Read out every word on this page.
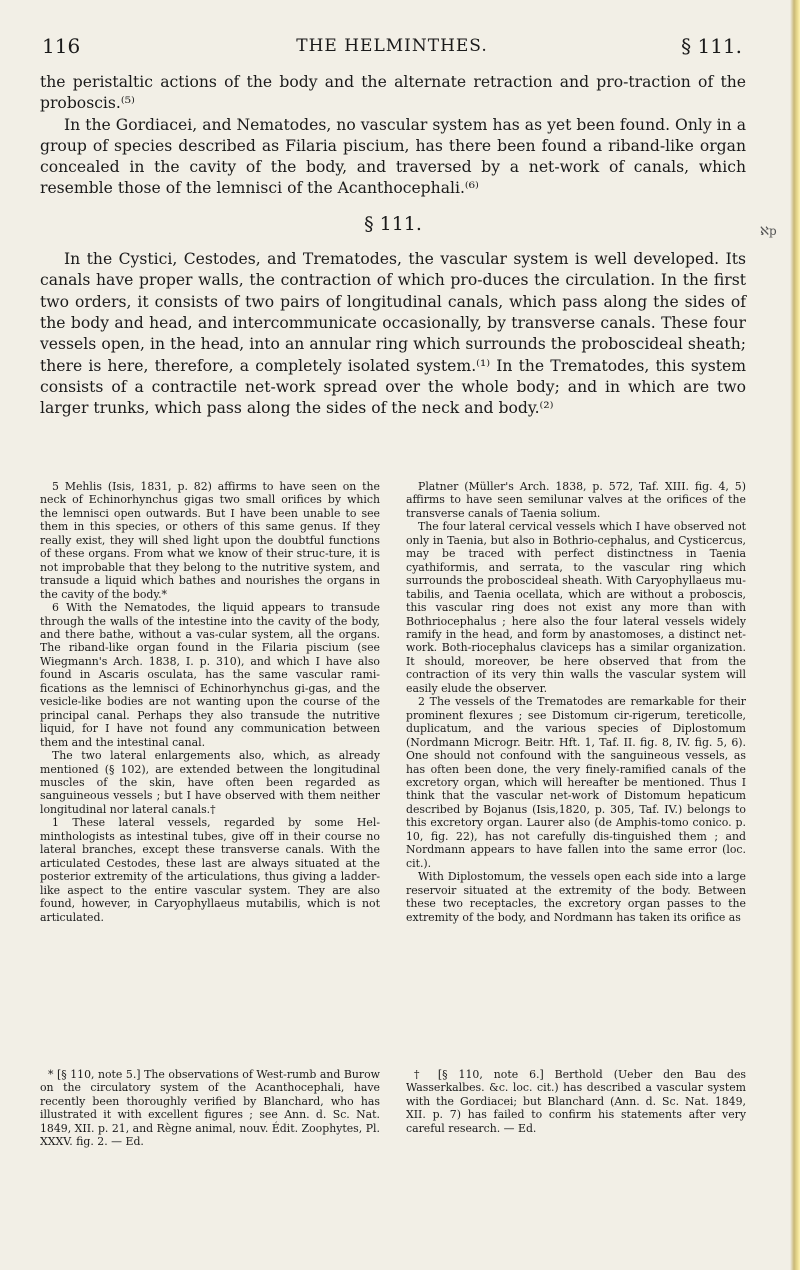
116	THE HELMINTHES.	§ 111.
ℵp

the peristaltic actions of the body and the alternate retraction and pro-traction of the proboscis.⁽⁵⁾

In the Gordiacei, and Nematodes, no vascular system has as yet been found. Only in a group of species described as Filaria piscium, has there been found a riband-like organ concealed in the cavity of the body, and traversed by a net-work of canals, which resemble those of the lemnisci of the Acanthocephali.⁽⁶⁾

§ 111.

In the Cystici, Cestodes, and Trematodes, the vascular system is well developed. Its canals have proper walls, the contraction of which pro-duces the circulation. In the first two orders, it consists of two pairs of longitudinal canals, which pass along the sides of the body and head, and intercommunicate occasionally, by transverse canals. These four vessels open, in the head, into an annular ring which surrounds the proboscideal sheath; there is here, therefore, a completely isolated system.⁽¹⁾ In the Trematodes, this system consists of a contractile net-work spread over the whole body; and in which are two larger trunks, which pass along the sides of the neck and body.⁽²⁾

5 Mehlis (Isis, 1831, p. 82) affirms to have seen on the neck of Echinorhynchus gigas two small orifices by which the lemnisci open outwards. But I have been unable to see them in this species, or others of this same genus. If they really exist, they will shed light upon the doubtful functions of these organs. From what we know of their struc-ture, it is not improbable that they belong to the nutritive system, and transude a liquid which bathes and nourishes the organs in the cavity of the body.*

6 With the Nematodes, the liquid appears to transude through the walls of the intestine into the cavity of the body, and there bathe, without a vas-cular system, all the organs. The riband-like organ found in the Filaria piscium (see Wiegmann's Arch. 1838, I. p. 310), and which I have also found in Ascaris osculata, has the same vascular rami-fications as the lemnisci of Echinorhynchus gi-gas, and the vesicle-like bodies are not wanting upon the course of the principal canal. Perhaps they also transude the nutritive liquid, for I have not found any communication between them and the intestinal canal.

The two lateral enlargements also, which, as already mentioned (§ 102), are extended between the longitudinal muscles of the skin, have often been regarded as sanguineous vessels ; but I have observed with them neither longitudinal nor lateral canals.†

1 These lateral vessels, regarded by some Hel-minthologists as intestinal tubes, give off in their course no lateral branches, except these transverse canals. With the articulated Cestodes, these last are always situated at the posterior extremity of the articulations, thus giving a ladder-like aspect to the entire vascular system. They are also found, however, in Caryophyllaeus mutabilis, which is not articulated.

Platner (Müller's Arch. 1838, p. 572, Taf. XIII. fig. 4, 5) affirms to have seen semilunar valves at the orifices of the transverse canals of Taenia solium.

The four lateral cervical vessels which I have observed not only in Taenia, but also in Bothrio-cephalus, and Cysticercus, may be traced with perfect distinctness in Taenia cyathiformis, and serrata, to the vascular ring which surrounds the proboscideal sheath. With Caryophyllaeus mu-tabilis, and Taenia ocellata, which are without a proboscis, this vascular ring does not exist any more than with Bothriocephalus ; here also the four lateral vessels widely ramify in the head, and form by anastomoses, a distinct net-work. Both-riocephalus claviceps has a similar organization. It should, moreover, be here observed that from the contraction of its very thin walls the vascular system will easily elude the observer.

2 The vessels of the Trematodes are remarkable for their prominent flexures ; see Distomum cir-rigerum, tereticolle, duplicatum, and the various species of Diplostomum (Nordmann Microgr. Beitr. Hft. 1, Taf. II. fig. 8, IV. fig. 5, 6). One should not confound with the sanguineous vessels, as has often been done, the very finely-ramified canals of the excretory organ, which will hereafter be mentioned. Thus I think that the vascular net-work of Distomum hepaticum described by Bojanus (Isis,1820, p. 305, Taf. IV.) belongs to this excretory organ. Laurer also (de Amphis-tomo conico. p. 10, fig. 22), has not carefully dis-tinguished them ; and Nordmann appears to have fallen into the same error (loc. cit.).

With Diplostomum, the vessels open each side into a large reservoir situated at the extremity of the body. Between these two receptacles, the excretory organ passes to the extremity of the body, and Nordmann has taken its orifice as

* [§ 110, note 5.] The observations of West-rumb and Burow on the circulatory system of the Acanthocephali, have recently been thoroughly verified by Blanchard, who has illustrated it with excellent figures ; see Ann. d. Sc. Nat. 1849, XII. p. 21, and Règne animal, nouv. Édit. Zoophytes, Pl. XXXV. fig. 2. — Ed.

† [§ 110, note 6.] Berthold (Ueber den Bau des Wasserkalbes. &c. loc. cit.) has described a vascular system with the Gordiacei; but Blanchard (Ann. d. Sc. Nat. 1849, XII. p. 7) has failed to confirm his statements after very careful research. — Ed.
